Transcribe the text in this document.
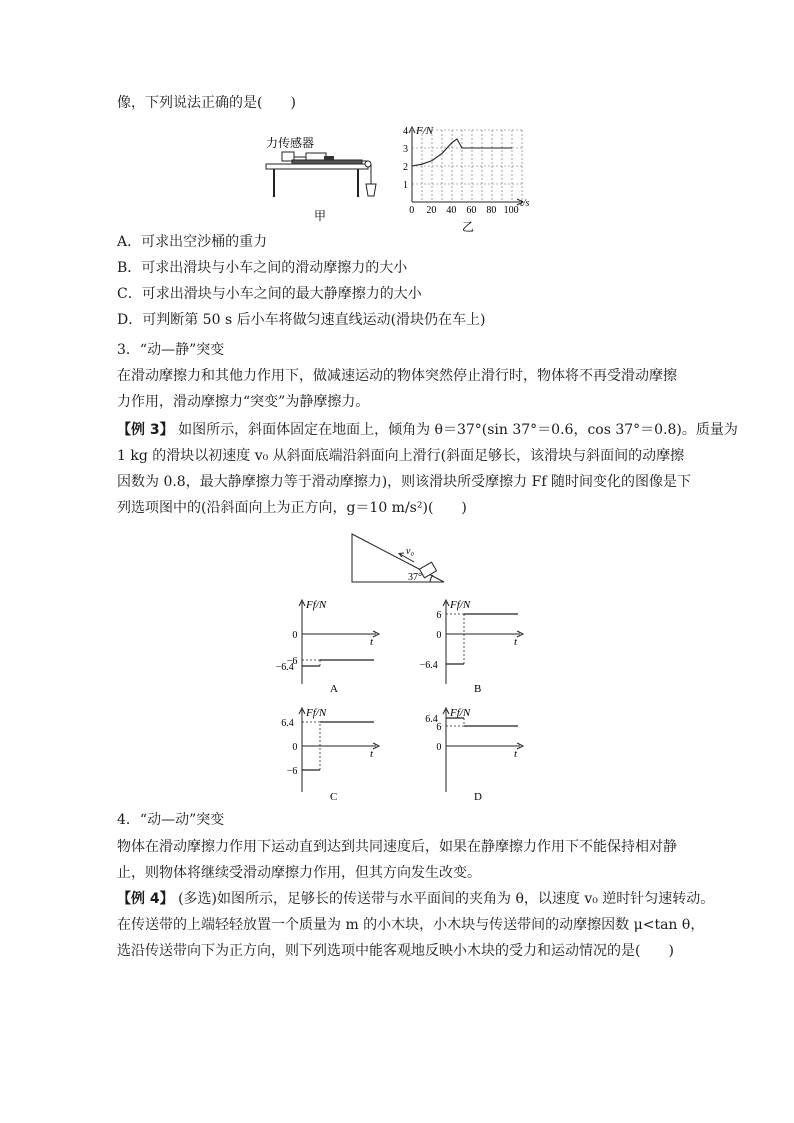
像，下列说法正确的是(　　)
力传感器
甲
F/N
t/s
1
2
3
4
0 20 40 60 80 100
乙
A．可求出空沙桶的重力
B．可求出滑块与小车之间的滑动摩擦力的大小
C．可求出滑块与小车之间的最大静摩擦力的大小
D．可判断第 50 s 后小车将做匀速直线运动(滑块仍在车上)
3．“动—静”突变
在滑动摩擦力和其他力作用下，做减速运动的物体突然停止滑行时，物体将不再受滑动摩擦
力作用，滑动摩擦力“突变”为静摩擦力。
【例 3】 如图所示，斜面体固定在地面上，倾角为 θ＝37°(sin 37°＝0.6，cos 37°＝0.8)。质量为
1 kg 的滑块以初速度 v₀ 从斜面底端沿斜面向上滑行(斜面足够长，该滑块与斜面间的动摩擦
因数为 0.8，最大静摩擦力等于滑动摩擦力)，则该滑块所受摩擦力 Ff 随时间变化的图像是下
列选项图中的(沿斜面向上为正方向，g＝10 m/s²)(　　)
v₀
37°
Ff/N
t
0
−6
−6.4
A
Ff/N
t
6
0
−6.4
B
Ff/N
t
6.4
0
−6
C
Ff/N
t
6.4
6
0
D
4．“动—动”突变
物体在滑动摩擦力作用下运动直到达到共同速度后，如果在静摩擦力作用下不能保持相对静
止，则物体将继续受滑动摩擦力作用，但其方向发生改变。
【例 4】 (多选)如图所示，足够长的传送带与水平面间的夹角为 θ，以速度 v₀ 逆时针匀速转动。
在传送带的上端轻轻放置一个质量为 m 的小木块，小木块与传送带间的动摩擦因数 μ<tan θ，
选沿传送带向下为正方向，则下列选项中能客观地反映小木块的受力和运动情况的是(　　)
